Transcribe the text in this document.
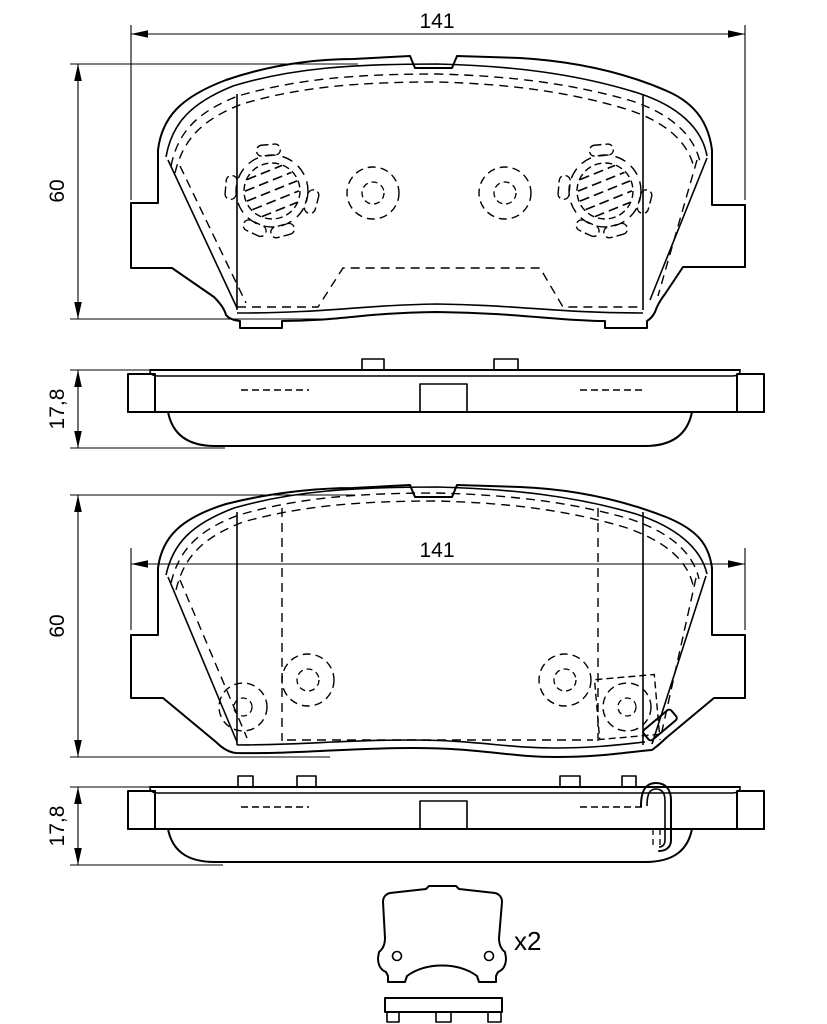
141
60
17,8
60
141
17,8
x2
